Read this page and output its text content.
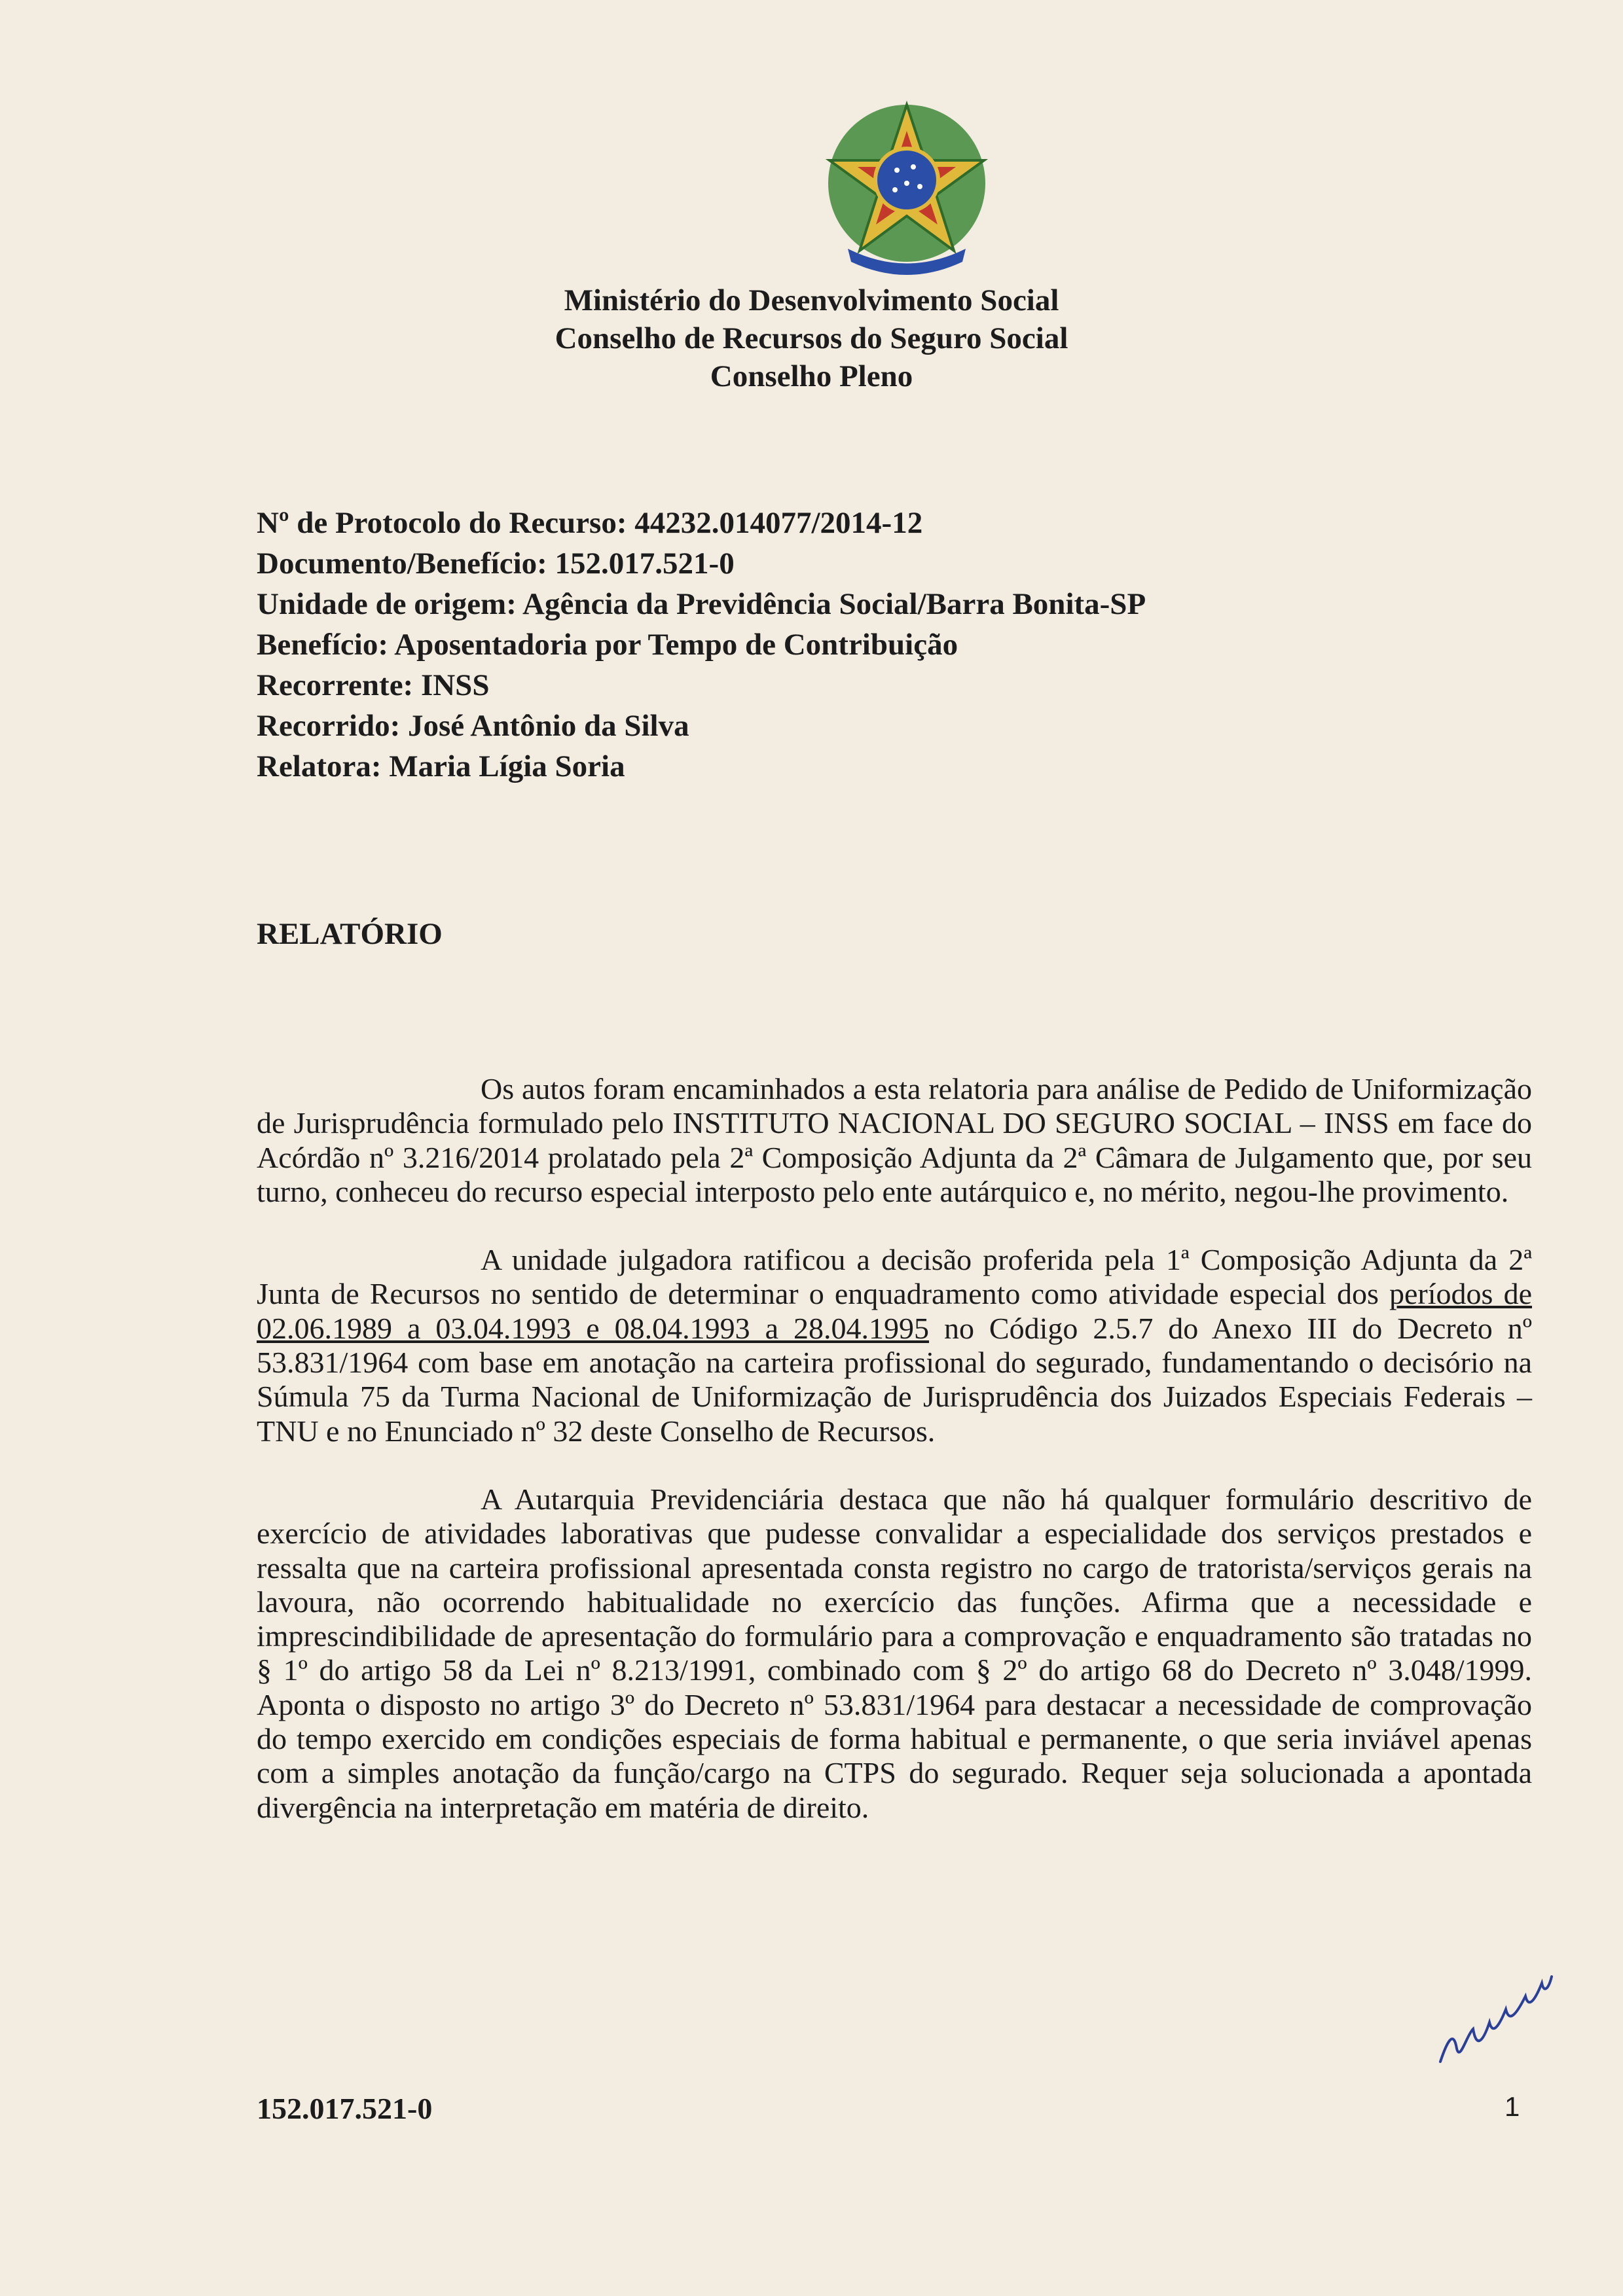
Ministério do Desenvolvimento Social
Conselho de Recursos do Seguro Social
Conselho Pleno
Nº de Protocolo do Recurso: 44232.014077/2014-12
Documento/Benefício: 152.017.521-0
Unidade de origem: Agência da Previdência Social/Barra Bonita-SP
Benefício: Aposentadoria por Tempo de Contribuição
Recorrente: INSS
Recorrido: José Antônio da Silva
Relatora: Maria Lígia Soria
RELATÓRIO

Os autos foram encaminhados a esta relatoria para análise de Pedido de Uniformização de Jurisprudência formulado pelo INSTITUTO NACIONAL DO SEGURO SOCIAL – INSS em face do Acórdão nº 3.216/2014 prolatado pela 2ª Composição Adjunta da 2ª Câmara de Julgamento que, por seu turno, conheceu do recurso especial interposto pelo ente autárquico e, no mérito, negou-lhe provimento.

A unidade julgadora ratificou a decisão proferida pela 1ª Composição Adjunta da 2ª Junta de Recursos no sentido de determinar o enquadramento como atividade especial dos períodos de 02.06.1989 a 03.04.1993 e 08.04.1993 a 28.04.1995 no Código 2.5.7 do Anexo III do Decreto nº 53.831/1964 com base em anotação na carteira profissional do segurado, fundamentando o decisório na Súmula 75 da Turma Nacional de Uniformização de Jurisprudência dos Juizados Especiais Federais – TNU e no Enunciado nº 32 deste Conselho de Recursos.

A Autarquia Previdenciária destaca que não há qualquer formulário descritivo de exercício de atividades laborativas que pudesse convalidar a especialidade dos serviços prestados e ressalta que na carteira profissional apresentada consta registro no cargo de tratorista/serviços gerais na lavoura, não ocorrendo habitualidade no exercício das funções. Afirma que a necessidade e imprescindibilidade de apresentação do formulário para a comprovação e enquadramento são tratadas no § 1º do artigo 58 da Lei nº 8.213/1991, combinado com § 2º do artigo 68 do Decreto nº 3.048/1999. Aponta o disposto no artigo 3º do Decreto nº 53.831/1964 para destacar a necessidade de comprovação do tempo exercido em condições especiais de forma habitual e permanente, o que seria inviável apenas com a simples anotação da função/cargo na CTPS do segurado. Requer seja solucionada a apontada divergência na interpretação em matéria de direito.

152.017.521-0	1
